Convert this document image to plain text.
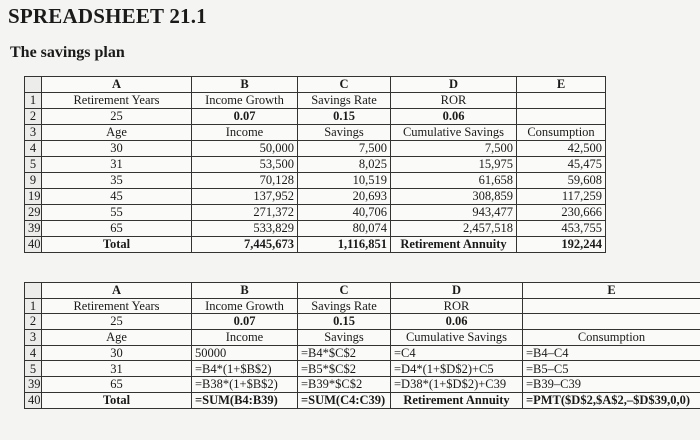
SPREADSHEET 21.1
The savings plan
	A	B	C	D	E
1	Retirement Years	Income Growth	Savings Rate	ROR	
2	25	0.07	0.15	0.06	
3	Age	Income	Savings	Cumulative Savings	Consumption
4	30	50,000	7,500	7,500	42,500
5	31	53,500	8,025	15,975	45,475
9	35	70,128	10,519	61,658	59,608
19	45	137,952	20,693	308,859	117,259
29	55	271,372	40,706	943,477	230,666
39	65	533,829	80,074	2,457,518	453,755
40	Total	7,445,673	1,116,851	Retirement Annuity	192,244
	A	B	C	D	E
1	Retirement Years	Income Growth	Savings Rate	ROR	
2	25	0.07	0.15	0.06	
3	Age	Income	Savings	Cumulative Savings	Consumption
4	30	50000	=B4*$C$2	=C4	=B4–C4
5	31	=B4*(1+$B$2)	=B5*$C$2	=D4*(1+$D$2)+C5	=B5–C5
39	65	=B38*(1+$B$2)	=B39*$C$2	=D38*(1+$D$2)+C39	=B39–C39
40	Total	=SUM(B4:B39)	=SUM(C4:C39)	Retirement Annuity	=PMT($D$2,$A$2,–$D$39,0,0)
